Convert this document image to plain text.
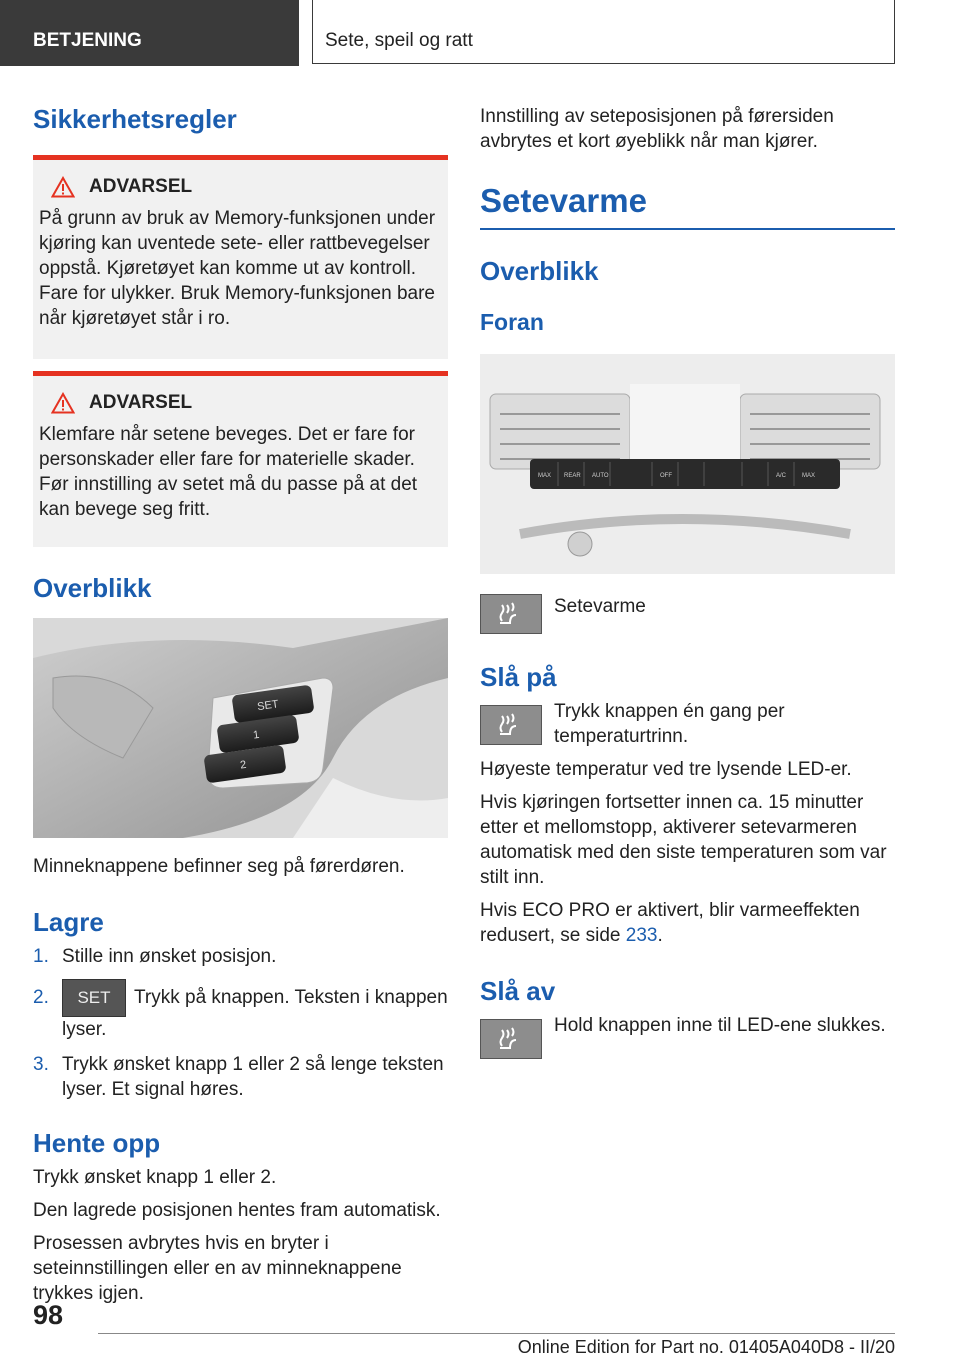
BETJENING	Sete, speil og ratt
Sikkerhetsregler
ADVARSEL
På grunn av bruk av Memory-funksjonen under kjøring kan uventede sete- eller rattbevegelser oppstå. Kjøretøyet kan komme ut av kontroll. Fare for ulykker. Bruk Memory-funksjonen bare når kjøretøyet står i ro.
ADVARSEL
Klemfare når setene beveges. Det er fare for personskader eller fare for materielle skader. Før innstilling av setet må du passe på at det kan bevege seg fritt.
Overblikk
SET
1
2

Minneknappene befinner seg på førerdøren.

Lagre
1. Stille inn ønsket posisjon.
2.	SET Trykk på knappen. Teksten i knappen lyser.
3. Trykk ønsket knapp 1 eller 2 så lenge teksten lyser. Et signal høres.
Hente opp

Trykk ønsket knapp 1 eller 2.

Den lagrede posisjonen hentes fram automatisk.

Prosessen avbrytes hvis en bryter i seteinnstillingen eller en av minneknappene trykkes igjen.

Innstilling av seteposisjonen på førersiden avbrytes et kort øyeblikk når man kjører.

Setevarme
Overblikk
Foran
MAX REAR AUTO	OFF	A/C	MAX

Setevarme

Slå på

Trykk knappen én gang per temperaturtrinn.

Høyeste temperatur ved tre lysende LED-er.

Hvis kjøringen fortsetter innen ca. 15 minutter etter et mellomstopp, aktiverer setevarmeren automatisk med den siste temperaturen som var stilt inn.

Hvis ECO PRO er aktivert, blir varmeeffekten redusert, se side 233.

Slå av

Hold knappen inne til LED-ene slukkes.

98
Online Edition for Part no. 01405A040D8 - II/20
